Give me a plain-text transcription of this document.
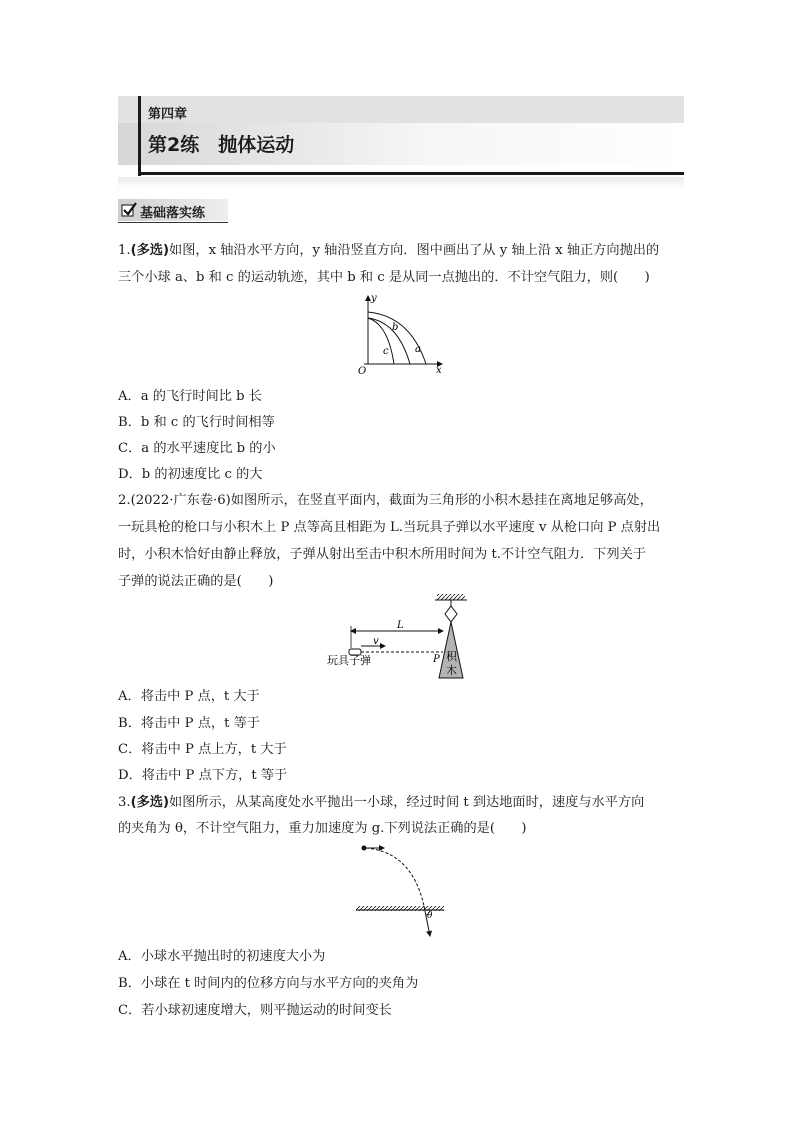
第四章
第2练　抛体运动
基础落实练
1.(多选)如图，x 轴沿水平方向，y 轴沿竖直方向．图中画出了从 y 轴上沿 x 轴正方向抛出的
三个小球 a、b 和 c 的运动轨迹，其中 b 和 c 是从同一点抛出的．不计空气阻力，则(　　)
y
x
O
a
b
c
A．a 的飞行时间比 b 长
B．b 和 c 的飞行时间相等
C．a 的水平速度比 b 的小
D．b 的初速度比 c 的大
2.(2022·广东卷·6)如图所示，在竖直平面内，截面为三角形的小积木悬挂在离地足够高处，
一玩具枪的枪口与小积木上 P 点等高且相距为 L.当玩具子弹以水平速度 v 从枪口向 P 点射出
时，小积木恰好由静止释放，子弹从射出至击中积木所用时间为 t.不计空气阻力．下列关于
子弹的说法正确的是(　　)
L
v
玩具子弹	P 积
木
A．将击中 P 点，t 大于
B．将击中 P 点，t 等于
C．将击中 P 点上方，t 大于
D．将击中 P 点下方，t 等于
3.(多选)如图所示，从某高度处水平抛出一小球，经过时间 t 到达地面时，速度与水平方向
的夹角为 θ，不计空气阻力，重力加速度为 g.下列说法正确的是(　　)
θ
A．小球水平抛出时的初速度大小为
B．小球在 t 时间内的位移方向与水平方向的夹角为
C．若小球初速度增大，则平抛运动的时间变长
